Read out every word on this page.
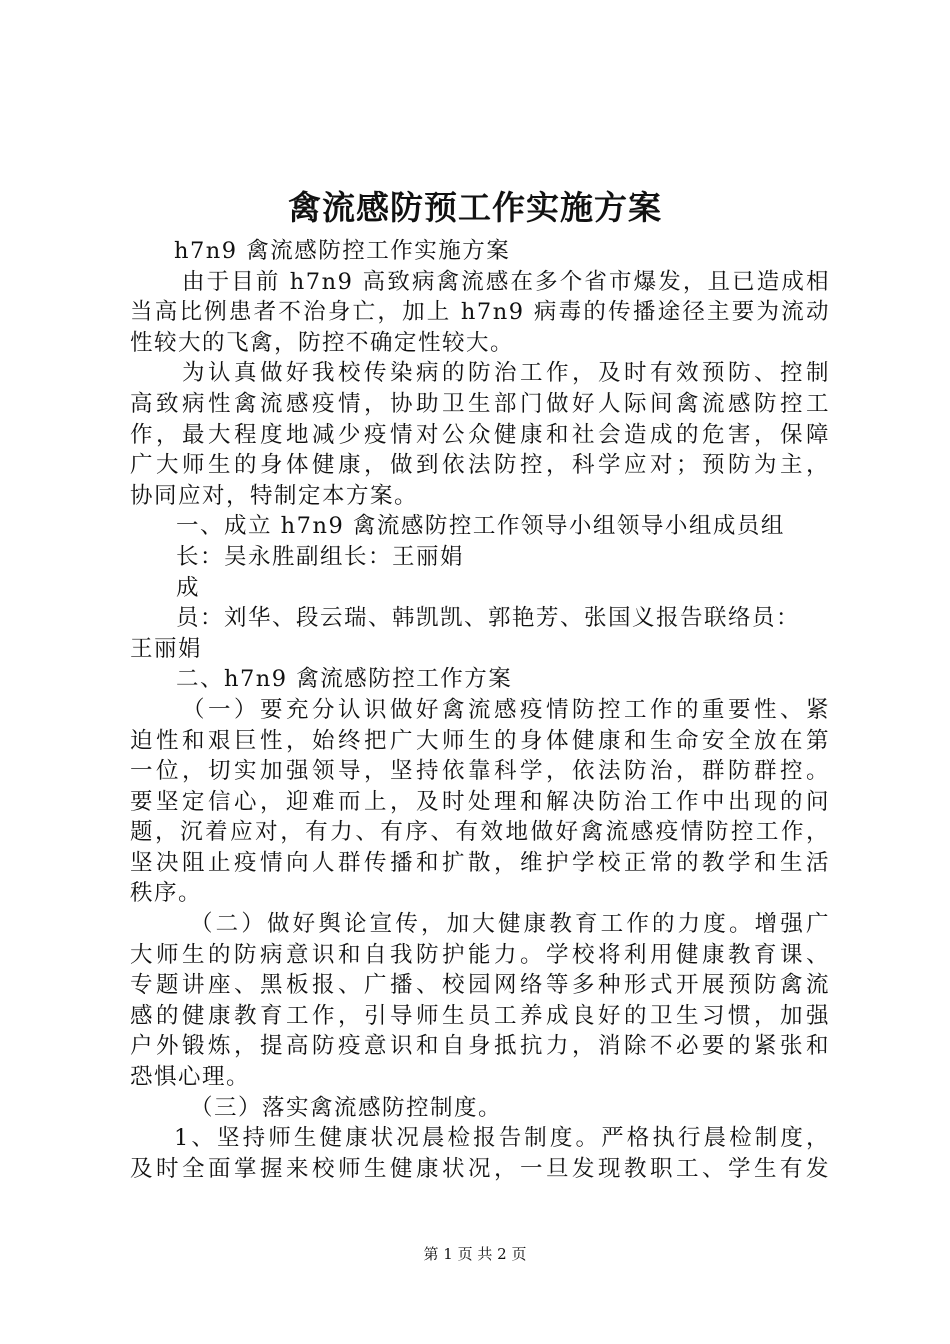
禽流感防预工作实施方案
h7n9 禽流感防控工作实施方案
由于目前 h7n9 高致病禽流感在多个省市爆发，且已造成相
当高比例患者不治身亡，加上 h7n9 病毒的传播途径主要为流动
性较大的飞禽，防控不确定性较大。
为认真做好我校传染病的防治工作，及时有效预防、控制
高致病性禽流感疫情，协助卫生部门做好人际间禽流感防控工
作，最大程度地减少疫情对公众健康和社会造成的危害，保障
广大师生的身体健康，做到依法防控，科学应对；预防为主，
协同应对，特制定本方案。
一、成立 h7n9 禽流感防控工作领导小组领导小组成员组
长：吴永胜副组长：王丽娟
成
员：刘华、段云瑞、韩凯凯、郭艳芳、张国义报告联络员：
王丽娟
二、h7n9 禽流感防控工作方案
（一）要充分认识做好禽流感疫情防控工作的重要性、紧
迫性和艰巨性，始终把广大师生的身体健康和生命安全放在第
一位，切实加强领导，坚持依靠科学，依法防治，群防群控。
要坚定信心，迎难而上，及时处理和解决防治工作中出现的问
题，沉着应对，有力、有序、有效地做好禽流感疫情防控工作，
坚决阻止疫情向人群传播和扩散，维护学校正常的教学和生活
秩序。
（二）做好舆论宣传，加大健康教育工作的力度。增强广
大师生的防病意识和自我防护能力。学校将利用健康教育课、
专题讲座、黑板报、广播、校园网络等多种形式开展预防禽流
感的健康教育工作，引导师生员工养成良好的卫生习惯，加强
户外锻炼，提高防疫意识和自身抵抗力，消除不必要的紧张和
恐惧心理。
（三）落实禽流感防控制度。
1、坚持师生健康状况晨检报告制度。严格执行晨检制度，
及时全面掌握来校师生健康状况，一旦发现教职工、学生有发
第 1 页 共 2 页
